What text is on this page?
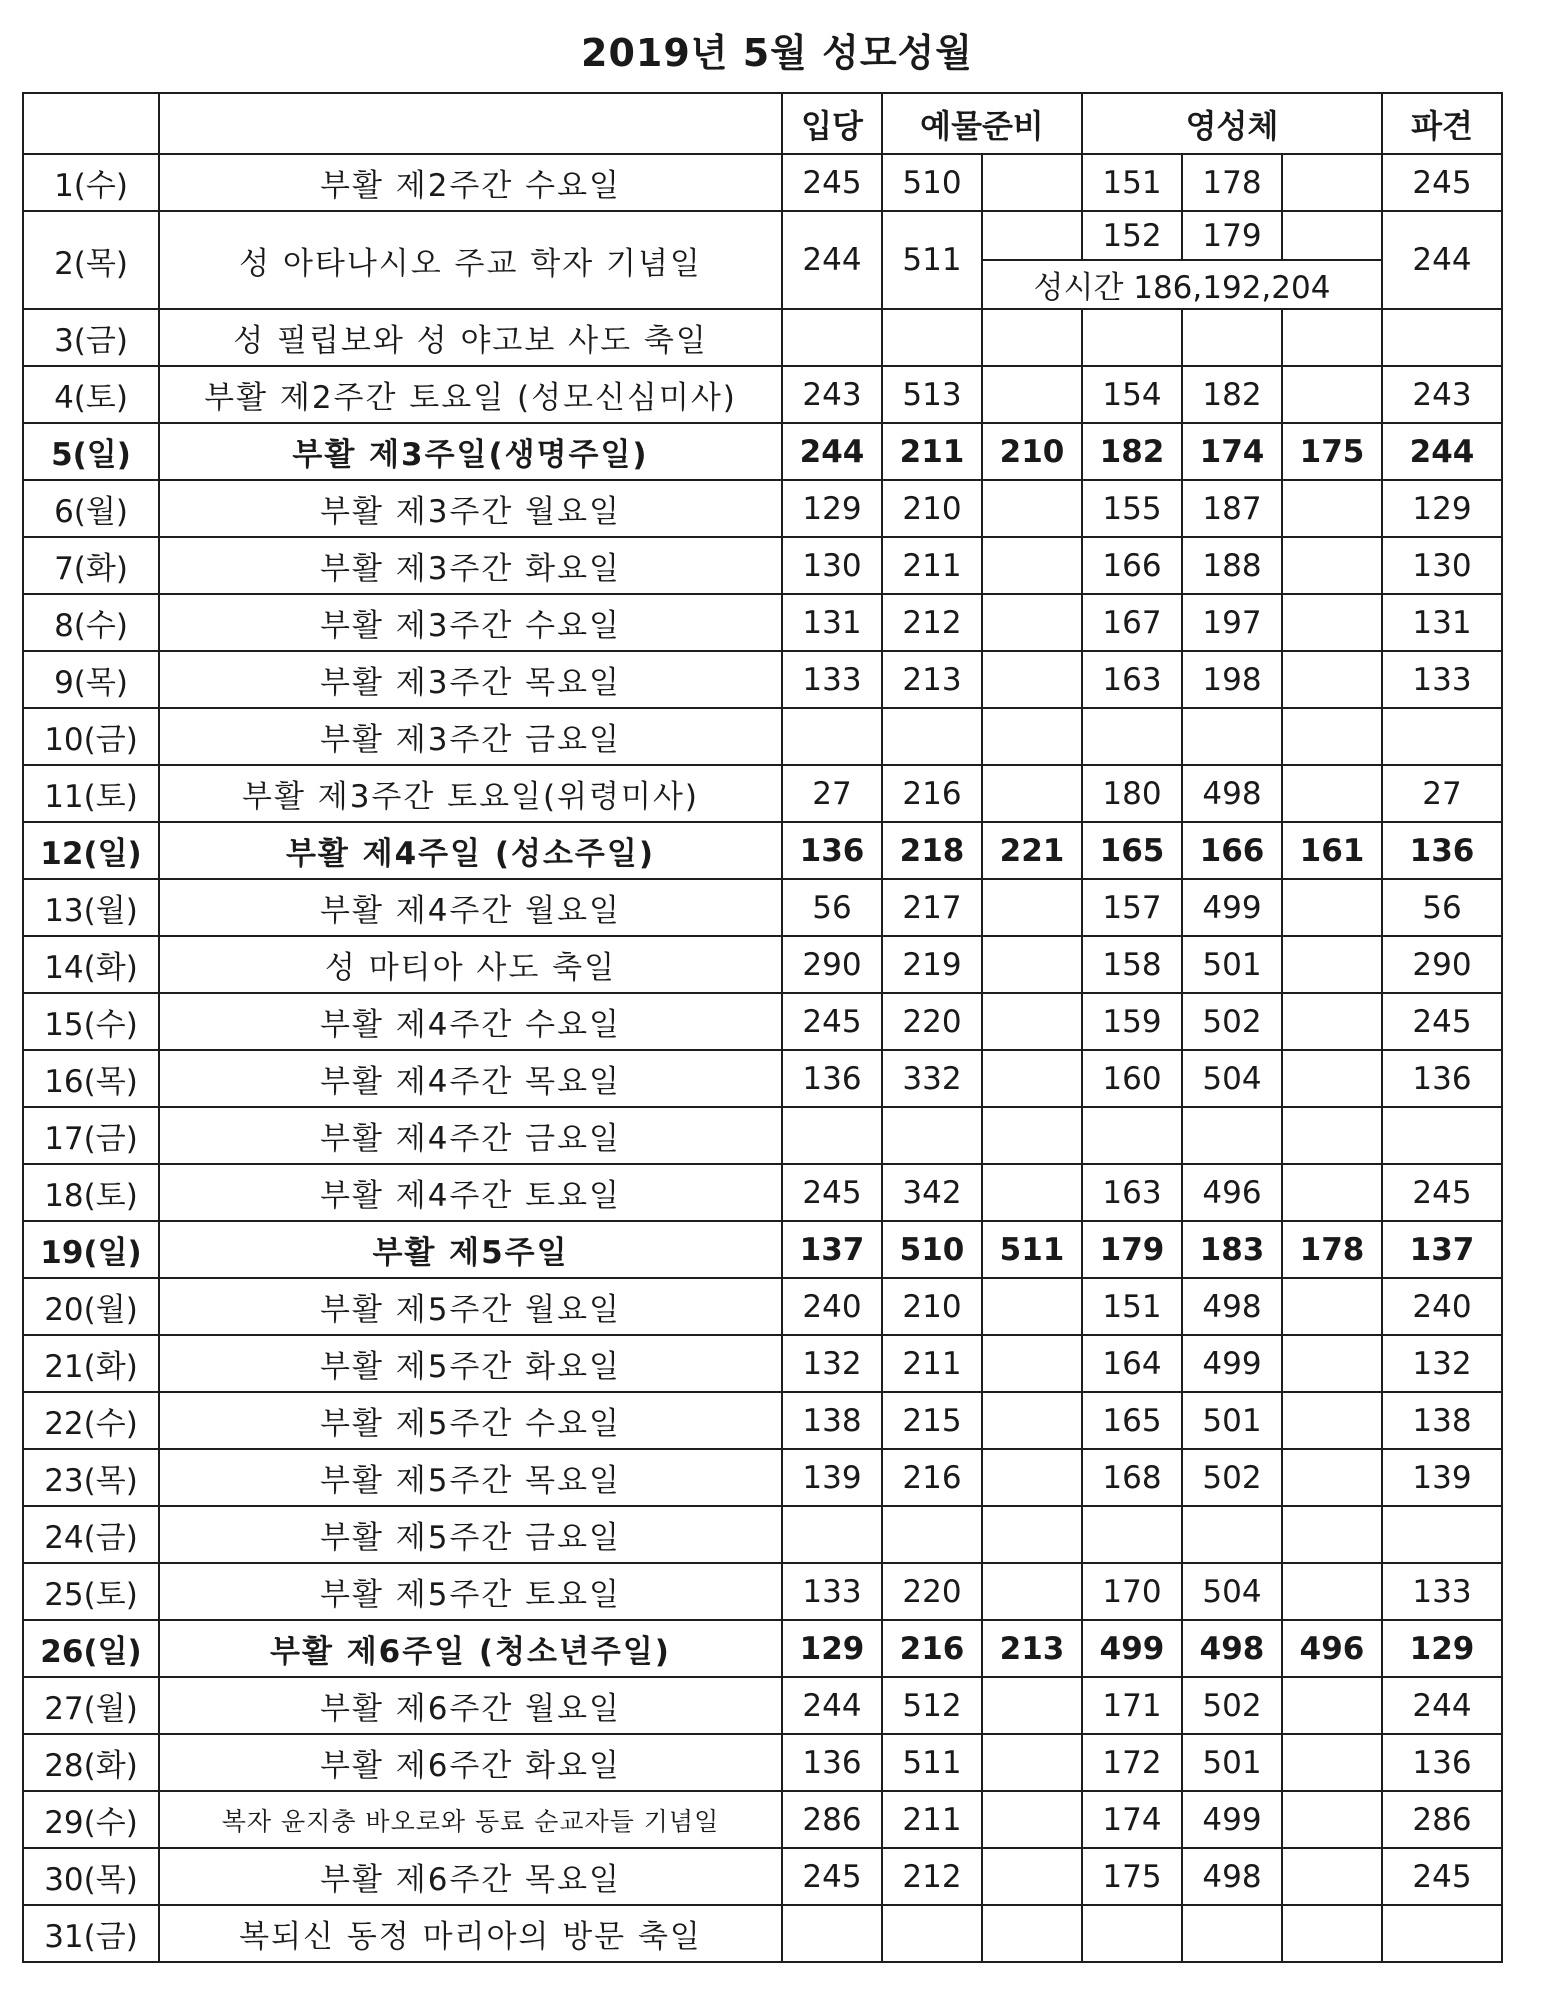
2019년 5월 성모성월
		입당	예물준비		영성체			파견
1(수)	부활 제2주간 수요일	245	510		151	178		245
2(목)	성 아타나시오 주교 학자 기념일	244	511		152	179		244
				성시간 186,192,204				
3(금)	성 필립보와 성 야고보 사도 축일							
4(토)	부활 제2주간 토요일 (성모신심미사)	243	513		154	182		243
5(일)	부활 제3주일(생명주일)	244	211	210	182	174	175	244
6(월)	부활 제3주간 월요일	129	210		155	187		129
7(화)	부활 제3주간 화요일	130	211		166	188		130
8(수)	부활 제3주간 수요일	131	212		167	197		131
9(목)	부활 제3주간 목요일	133	213		163	198		133
10(금)	부활 제3주간 금요일							
11(토)	부활 제3주간 토요일(위령미사)	27	216		180	498		27
12(일)	부활 제4주일 (성소주일)	136	218	221	165	166	161	136
13(월)	부활 제4주간 월요일	56	217		157	499		56
14(화)	성 마티아 사도 축일	290	219		158	501		290
15(수)	부활 제4주간 수요일	245	220		159	502		245
16(목)	부활 제4주간 목요일	136	332		160	504		136
17(금)	부활 제4주간 금요일							
18(토)	부활 제4주간 토요일	245	342		163	496		245
19(일)	부활 제5주일	137	510	511	179	183	178	137
20(월)	부활 제5주간 월요일	240	210		151	498		240
21(화)	부활 제5주간 화요일	132	211		164	499		132
22(수)	부활 제5주간 수요일	138	215		165	501		138
23(목)	부활 제5주간 목요일	139	216		168	502		139
24(금)	부활 제5주간 금요일							
25(토)	부활 제5주간 토요일	133	220		170	504		133
26(일)	부활 제6주일 (청소년주일)	129	216	213	499	498	496	129
27(월)	부활 제6주간 월요일	244	512		171	502		244
28(화)	부활 제6주간 화요일	136	511		172	501		136
29(수)	복자 윤지충 바오로와 동료 순교자들 기념일	286	211		174	499		286
30(목)	부활 제6주간 목요일	245	212		175	498		245
31(금)	복되신 동정 마리아의 방문 축일							
